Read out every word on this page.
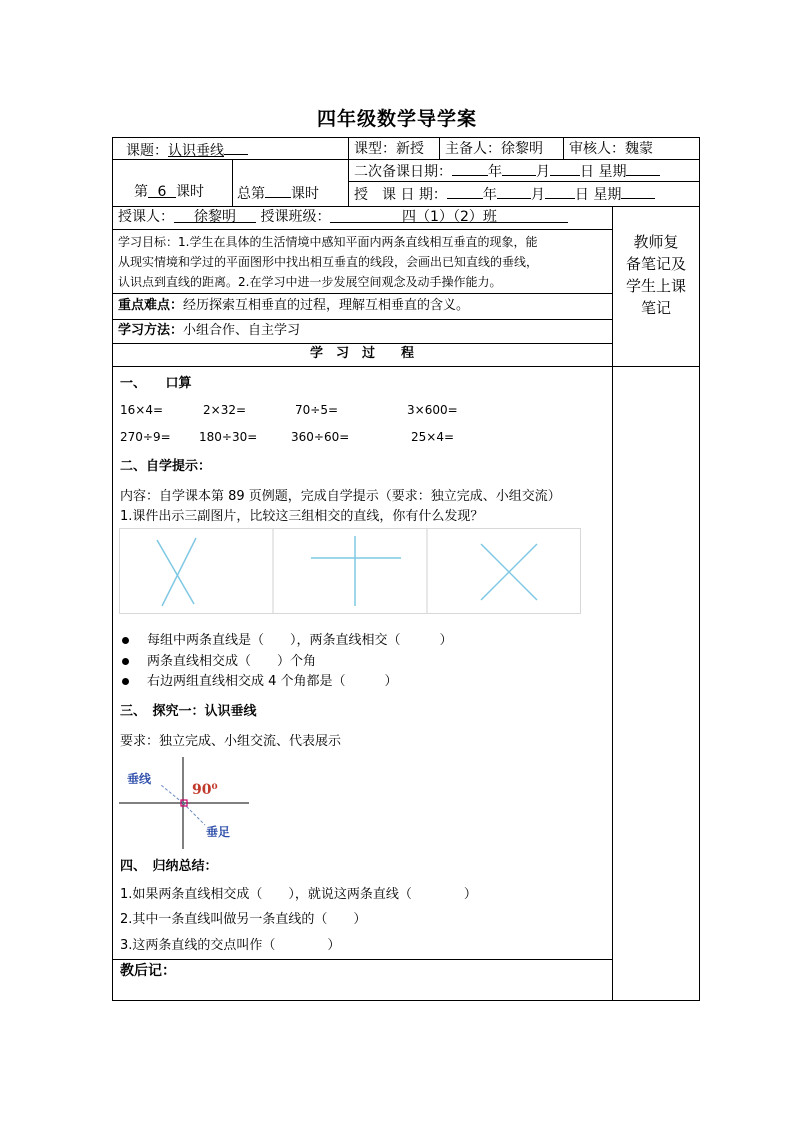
四年级数学导学案
课题：认识垂线	课型：新授 主备人：徐黎明 审核人：魏蒙
第 6 课时 总第 课时
二次备课日期：	年 月 日 星期
授　课 日 期：	年 月 日 星期
授课人： 徐黎明 授课班级：	四（1）（2）班
教师复
备笔记及
学生上课
笔记
学习目标：1.学生在具体的生活情境中感知平面内两条直线相互垂直的现象，能
从现实情境和学过的平面图形中找出相互垂直的线段，会画出已知直线的垂线，
认识点到直线的距离。2.在学习中进一步发展空间观念及动手操作能力。
重点难点：经历探索互相垂直的过程，理解互相垂直的含义。
学习方法：小组合作、自主学习
学　习　过　　程
一、　　口算
16×4=	2×32=	70÷5=	3×600=
270÷9= 180÷30=	360÷60=	25×4=
二、自学提示：
内容：自学课本第 89 页例题，完成自学提示（要求：独立完成、小组交流）
1.课件出示三副图片，比较这三组相交的直线，你有什么发现？
每组中两条直线是（　　），两条直线相交（　　　）
两条直线相交成（　　）个角
右边两组直线相交成 4 个角都是（　　　）
三、　探究一：认识垂线
要求：独立完成、小组交流、代表展示
垂线
90⁰
垂足
四、　归纳总结：
1.如果两条直线相交成（　　），就说这两条直线（　　　　）
2.其中一条直线叫做另一条直线的（　　）
3.这两条直线的交点叫作（　　　　）
教后记：
